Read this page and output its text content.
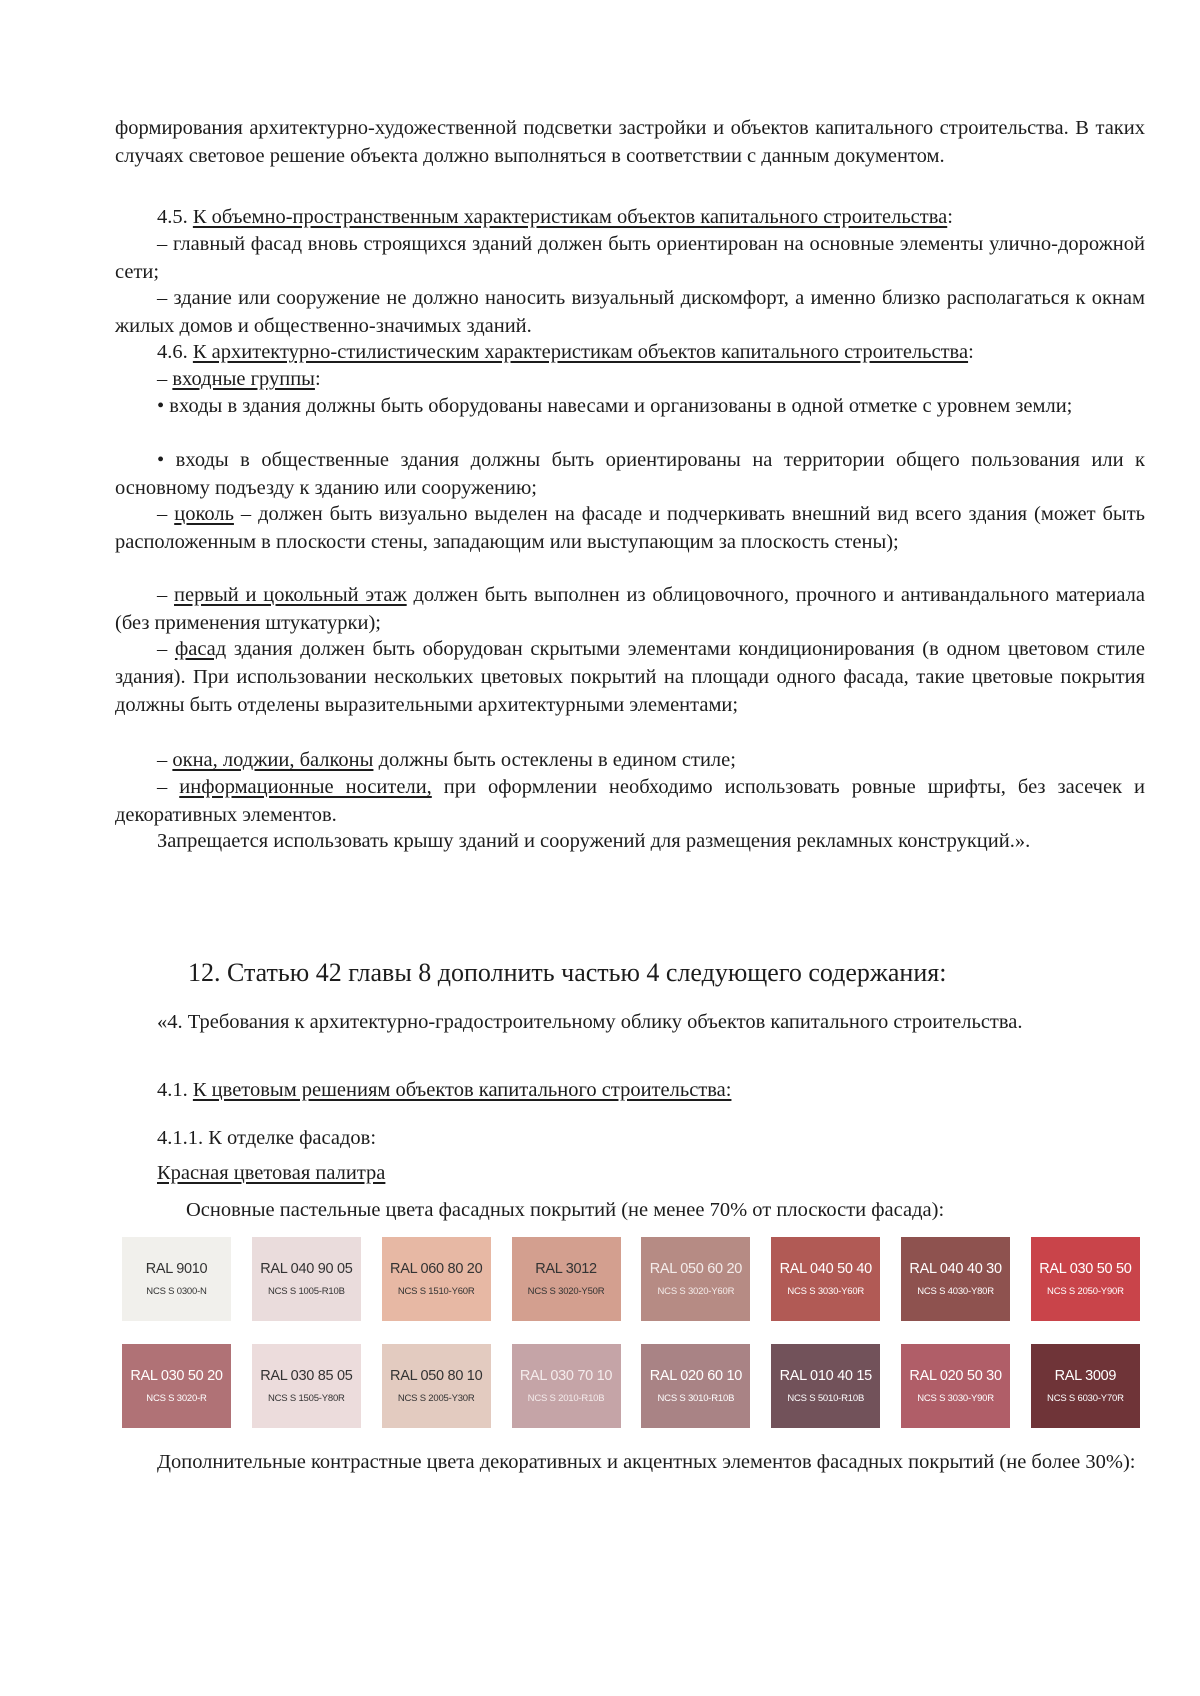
формирования архитектурно-художественной подсветки застройки и объектов капитального строительства. В таких случаях световое решение объекта должно выполняться в соответствии с данным документом.

4.5. К объемно-пространственным характеристикам объектов капитального строительства:

– главный фасад вновь строящихся зданий должен быть ориентирован на основные элементы улично-дорожной сети;

– здание или сооружение не должно наносить визуальный дискомфорт, а именно близко располагаться к окнам жилых домов и общественно-значимых зданий.

4.6. К архитектурно-стилистическим характеристикам объектов капитального строительства:

– входные группы:

• входы в здания должны быть оборудованы навесами и организованы в одной отметке с уровнем земли;

• входы в общественные здания должны быть ориентированы на территории общего пользования или к основному подъезду к зданию или сооружению;

– цоколь – должен быть визуально выделен на фасаде и подчеркивать внешний вид всего здания (может быть расположенным в плоскости стены, западающим или выступающим за плоскость стены);

– первый и цокольный этаж должен быть выполнен из облицовочного, прочного и антивандального материала (без применения штукатурки);

– фасад здания должен быть оборудован скрытыми элементами кондиционирования (в одном цветовом стиле здания). При использовании нескольких цветовых покрытий на площади одного фасада, такие цветовые покрытия должны быть отделены выразительными архитектурными элементами;

– окна, лоджии, балконы должны быть остеклены в едином стиле;

– информационные носители, при оформлении необходимо использовать ровные шрифты, без засечек и декоративных элементов.

Запрещается использовать крышу зданий и сооружений для размещения рекламных конструкций.».

12. Статью 42 главы 8 дополнить частью 4 следующего содержания:

«4. Требования к архитектурно-градостроительному облику объектов капитального строительства.

4.1. К цветовым решениям объектов капитального строительства:

4.1.1. К отделке фасадов:

Красная цветовая палитра

Основные пастельные цвета фасадных покрытий (не менее 70% от плоскости фасада):

RAL 9010
NCS S 0300-N
RAL 040 90 05
NCS S 1005-R10B
RAL 060 80 20
NCS S 1510-Y60R
RAL 3012
NCS S 3020-Y50R
RAL 050 60 20
NCS S 3020-Y60R
RAL 040 50 40
NCS S 3030-Y60R
RAL 040 40 30
NCS S 4030-Y80R
RAL 030 50 50
NCS S 2050-Y90R
RAL 030 50 20
NCS S 3020-R
RAL 030 85 05
NCS S 1505-Y80R
RAL 050 80 10
NCS S 2005-Y30R
RAL 030 70 10
NCS S 2010-R10B
RAL 020 60 10
NCS S 3010-R10B
RAL 010 40 15
NCS S 5010-R10B
RAL 020 50 30
NCS S 3030-Y90R
RAL 3009
NCS S 6030-Y70R

Дополнительные контрастные цвета декоративных и акцентных элементов фасадных покрытий (не более 30%):
